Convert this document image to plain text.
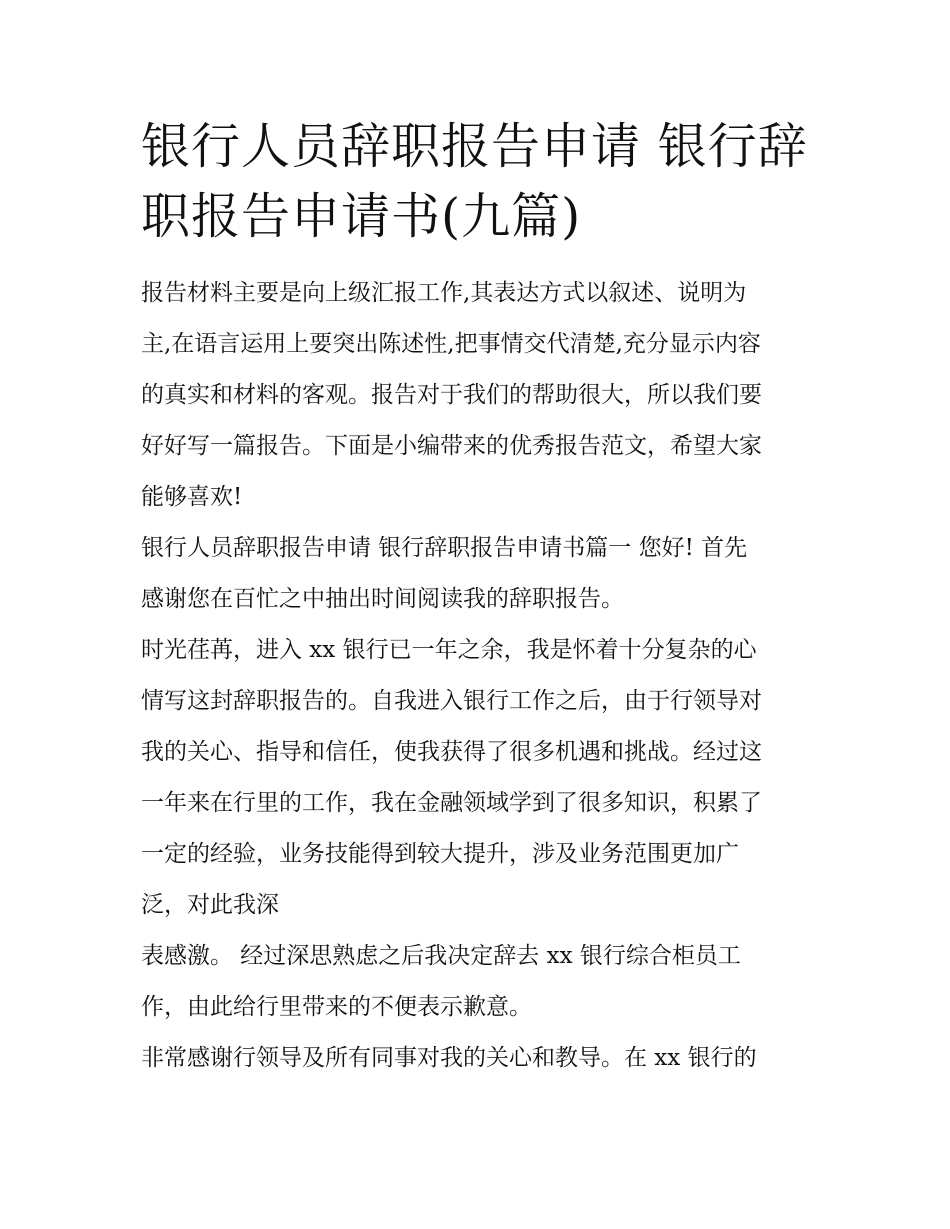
银行人员辞职报告申请 银行辞
职报告申请书(九篇)
报告材料主要是向上级汇报工作,其表达方式以叙述、说明为
主,在语言运用上要突出陈述性,把事情交代清楚,充分显示内容
的真实和材料的客观。报告对于我们的帮助很大，所以我们要
好好写一篇报告。下面是小编带来的优秀报告范文，希望大家
能够喜欢!
银行人员辞职报告申请 银行辞职报告申请书篇一 您好! 首先
感谢您在百忙之中抽出时间阅读我的辞职报告。
时光荏苒，进入 xx 银行已一年之余，我是怀着十分复杂的心
情写这封辞职报告的。自我进入银行工作之后，由于行领导对
我的关心、指导和信任，使我获得了很多机遇和挑战。经过这
一年来在行里的工作，我在金融领域学到了很多知识，积累了
一定的经验，业务技能得到较大提升，涉及业务范围更加广
泛，对此我深
表感激。 经过深思熟虑之后我决定辞去 xx 银行综合柜员工
作，由此给行里带来的不便表示歉意。
非常感谢行领导及所有同事对我的关心和教导。在 xx 银行的
